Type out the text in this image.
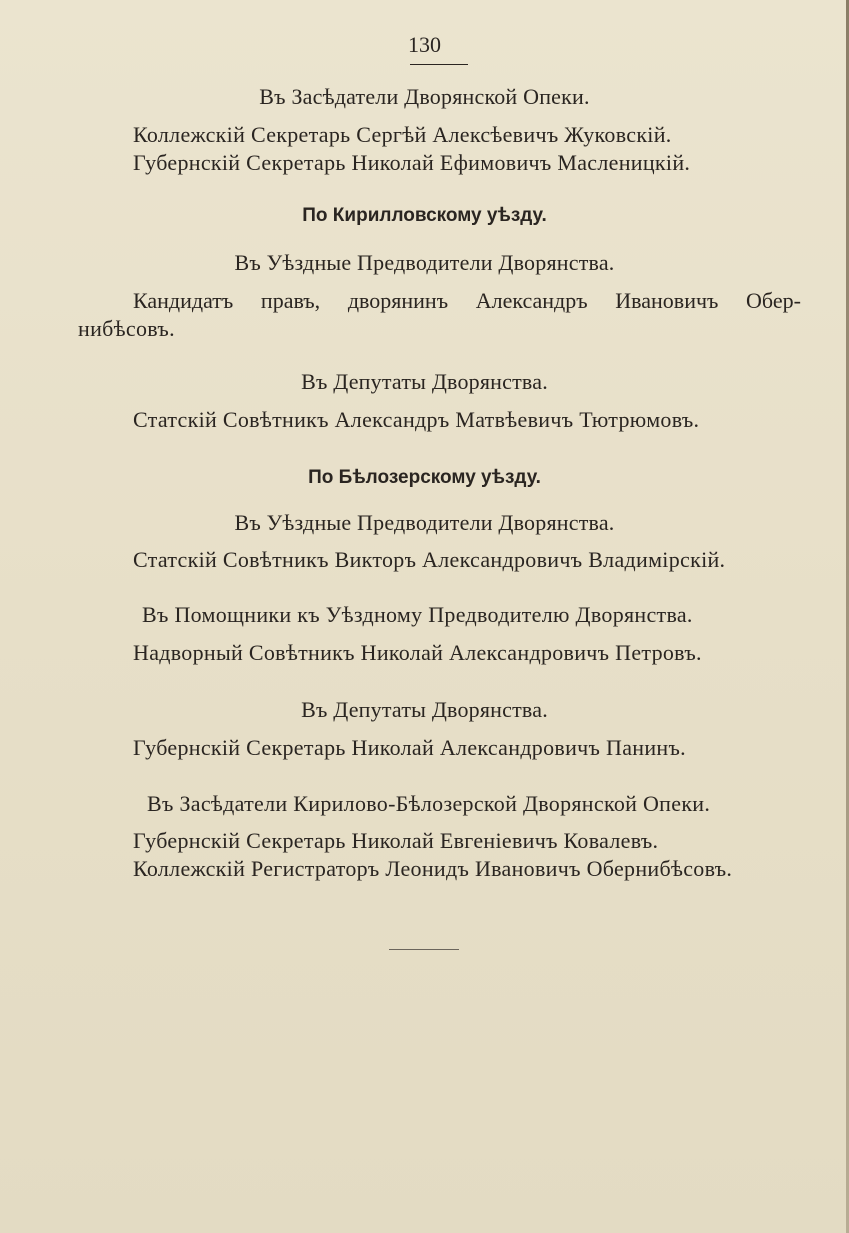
130
Въ Засѣдатели Дворянской Опеки.
Коллежскій Секретарь Сергѣй Алексѣевичъ Жуковскій.
Губернскій Секретарь Николай Ефимовичъ Масленицкій.
По Кирилловскому уѣзду.
Въ Уѣздные Предводители Дворянства.
Кандидатъ правъ, дворянинъ Александръ Ивановичъ Обер-
нибѣсовъ.
Въ Депутаты Дворянства.
Статскій Совѣтникъ Александръ Матвѣевичъ Тютрюмовъ.
По Бѣлозерскому уѣзду.
Въ Уѣздные Предводители Дворянства.
Статскій Совѣтникъ Викторъ Александровичъ Владимірскій.
Въ Помощники къ Уѣздному Предводителю Дворянства.
Надворный Совѣтникъ Николай Александровичъ Петровъ.
Въ Депутаты Дворянства.
Губернскій Секретарь Николай Александровичъ Панинъ.
Въ Засѣдатели Кирилово-Бѣлозерской Дворянской Опеки.
Губернскій Секретарь Николай Евгеніевичъ Ковалевъ.
Коллежскій Регистраторъ Леонидъ Ивановичъ Обернибѣсовъ.
